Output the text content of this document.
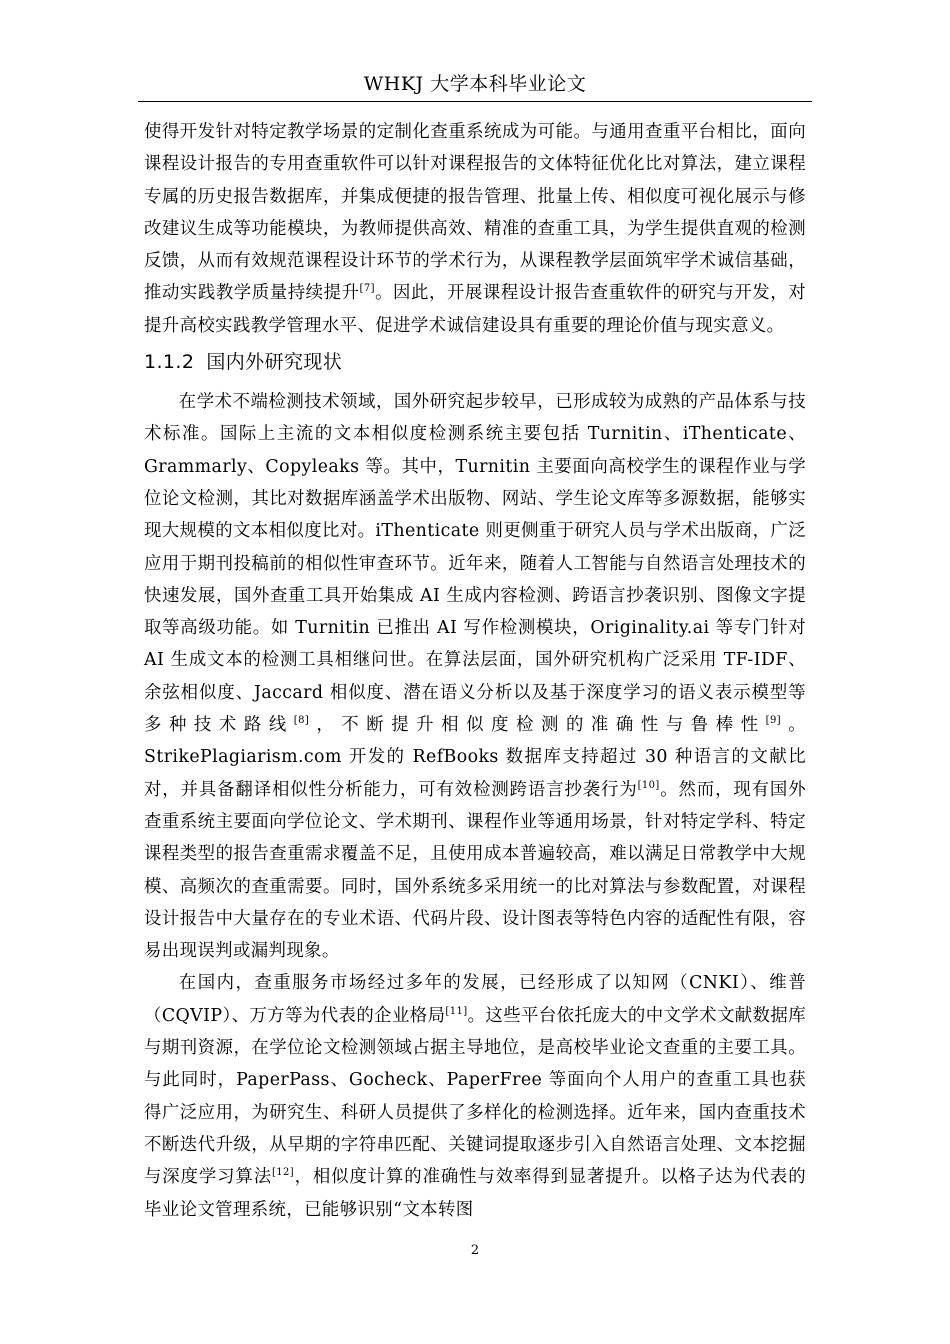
WHKJ 大学本科毕业论文

使得开发针对特定教学场景的定制化查重系统成为可能。与通用查重平台相比，面向课程设计报告的专用查重软件可以针对课程报告的文体特征优化比对算法，建立课程专属的历史报告数据库，并集成便捷的报告管理、批量上传、相似度可视化展示与修改建议生成等功能模块，为教师提供高效、精准的查重工具，为学生提供直观的检测反馈，从而有效规范课程设计环节的学术行为，从课程教学层面筑牢学术诚信基础，推动实践教学质量持续提升[7]。因此，开展课程设计报告查重软件的研究与开发，对提升高校实践教学管理水平、促进学术诚信建设具有重要的理论价值与现实意义。

1.1.2 国内外研究现状

在学术不端检测技术领域，国外研究起步较早，已形成较为成熟的产品体系与技术标准。国际上主流的文本相似度检测系统主要包括 Turnitin、iThenticate、Grammarly、Copyleaks 等。其中，Turnitin 主要面向高校学生的课程作业与学位论文检测，其比对数据库涵盖学术出版物、网站、学生论文库等多源数据，能够实现大规模的文本相似度比对。iThenticate 则更侧重于研究人员与学术出版商，广泛应用于期刊投稿前的相似性审查环节。近年来，随着人工智能与自然语言处理技术的快速发展，国外查重工具开始集成 AI 生成内容检测、跨语言抄袭识别、图像文字提取等高级功能。如 Turnitin 已推出 AI 写作检测模块，Originality.ai 等专门针对 AI 生成文本的检测工具相继问世。在算法层面，国外研究机构广泛采用 TF-IDF、余弦相似度、Jaccard 相似度、潜在语义分析以及基于深度学习的语义表示模型等多种技术路线[8]，不断提升相似度检测的准确性与鲁棒性[9]。StrikePlagiarism.com 开发的 RefBooks 数据库支持超过 30 种语言的文献比对，并具备翻译相似性分析能力，可有效检测跨语言抄袭行为[10]。然而，现有国外查重系统主要面向学位论文、学术期刊、课程作业等通用场景，针对特定学科、特定课程类型的报告查重需求覆盖不足，且使用成本普遍较高，难以满足日常教学中大规模、高频次的查重需要。同时，国外系统多采用统一的比对算法与参数配置，对课程设计报告中大量存在的专业术语、代码片段、设计图表等特色内容的适配性有限，容易出现误判或漏判现象。

在国内，查重服务市场经过多年的发展，已经形成了以知网（CNKI）、维普（CQVIP）、万方等为代表的企业格局[11]。这些平台依托庞大的中文学术文献数据库与期刊资源，在学位论文检测领域占据主导地位，是高校毕业论文查重的主要工具。与此同时，PaperPass、Gocheck、PaperFree 等面向个人用户的查重工具也获得广泛应用，为研究生、科研人员提供了多样化的检测选择。近年来，国内查重技术不断迭代升级，从早期的字符串匹配、关键词提取逐步引入自然语言处理、文本挖掘与深度学习算法[12]，相似度计算的准确性与效率得到显著提升。以格子达为代表的毕业论文管理系统，已能够识别“文本转图

2
